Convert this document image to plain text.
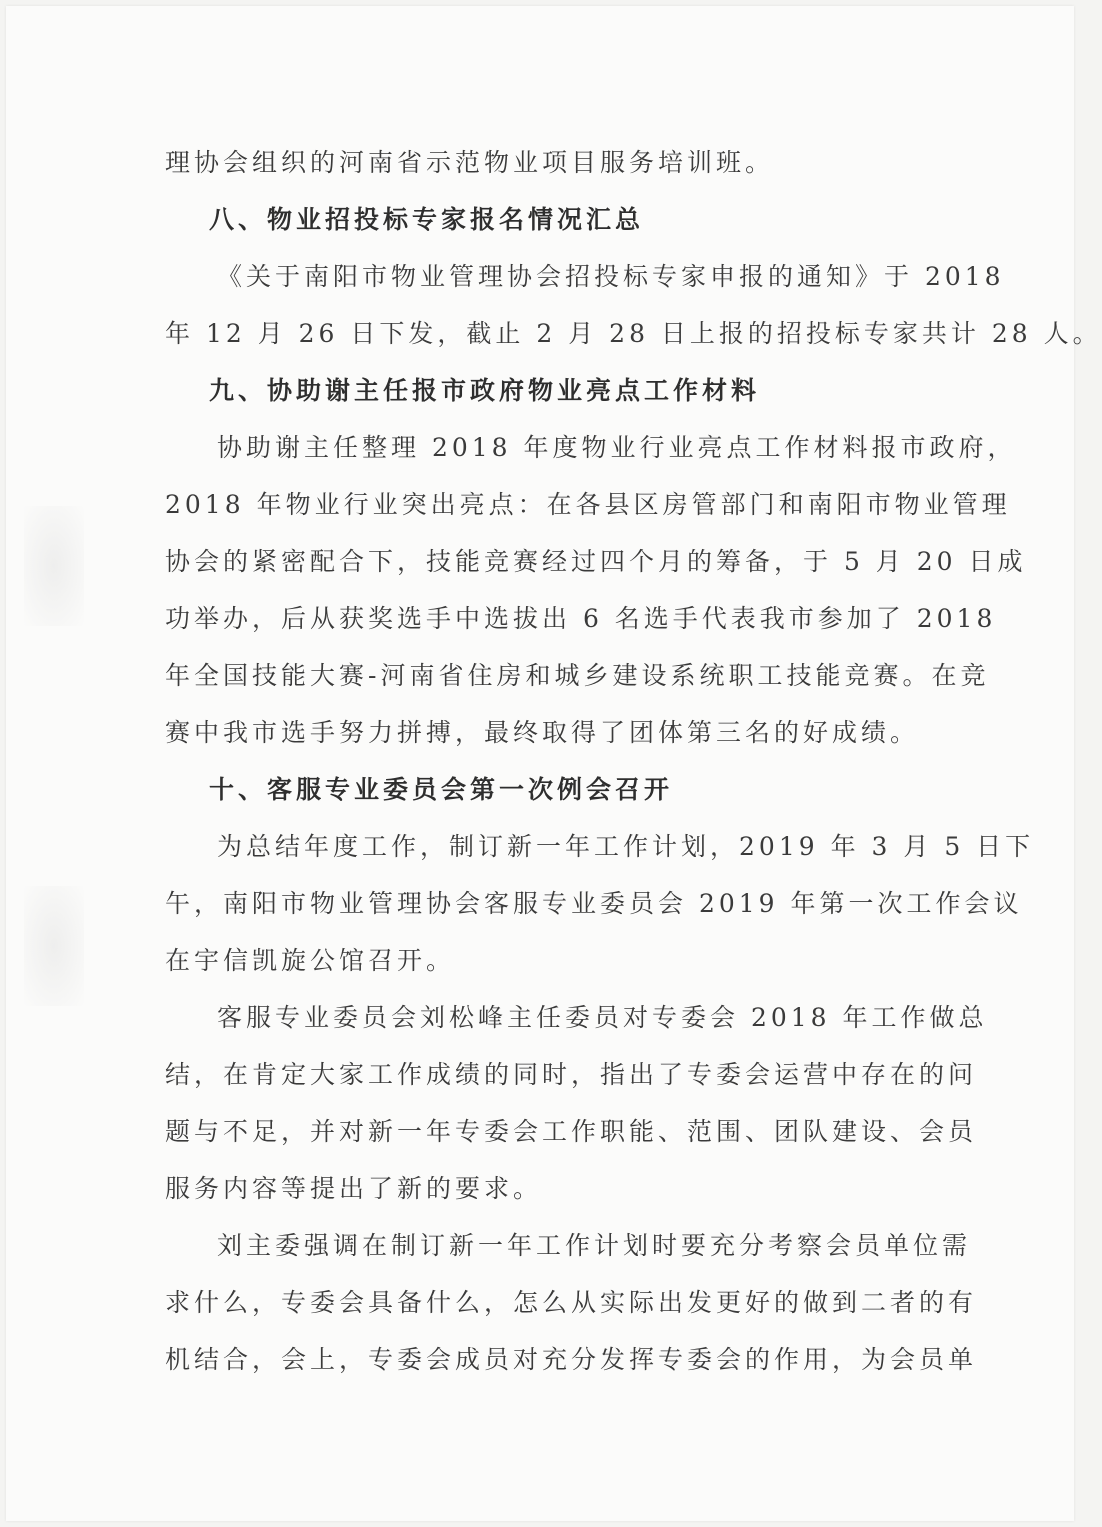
理协会组织的河南省示范物业项目服务培训班。
八、物业招投标专家报名情况汇总
《关于南阳市物业管理协会招投标专家申报的通知》于 2018
年 12 月 26 日下发，截止 2 月 28 日上报的招投标专家共计 28 人。
九、协助谢主任报市政府物业亮点工作材料
协助谢主任整理 2018 年度物业行业亮点工作材料报市政府，
2018 年物业行业突出亮点：在各县区房管部门和南阳市物业管理
协会的紧密配合下，技能竞赛经过四个月的筹备，于 5 月 20 日成
功举办，后从获奖选手中选拔出 6 名选手代表我市参加了 2018
年全国技能大赛-河南省住房和城乡建设系统职工技能竞赛。在竞
赛中我市选手努力拼搏，最终取得了团体第三名的好成绩。
十、客服专业委员会第一次例会召开
为总结年度工作，制订新一年工作计划，2019 年 3 月 5 日下
午，南阳市物业管理协会客服专业委员会 2019 年第一次工作会议
在宇信凯旋公馆召开。
客服专业委员会刘松峰主任委员对专委会 2018 年工作做总
结，在肯定大家工作成绩的同时，指出了专委会运营中存在的问
题与不足，并对新一年专委会工作职能、范围、团队建设、会员
服务内容等提出了新的要求。
刘主委强调在制订新一年工作计划时要充分考察会员单位需
求什么，专委会具备什么，怎么从实际出发更好的做到二者的有
机结合，会上，专委会成员对充分发挥专委会的作用，为会员单
